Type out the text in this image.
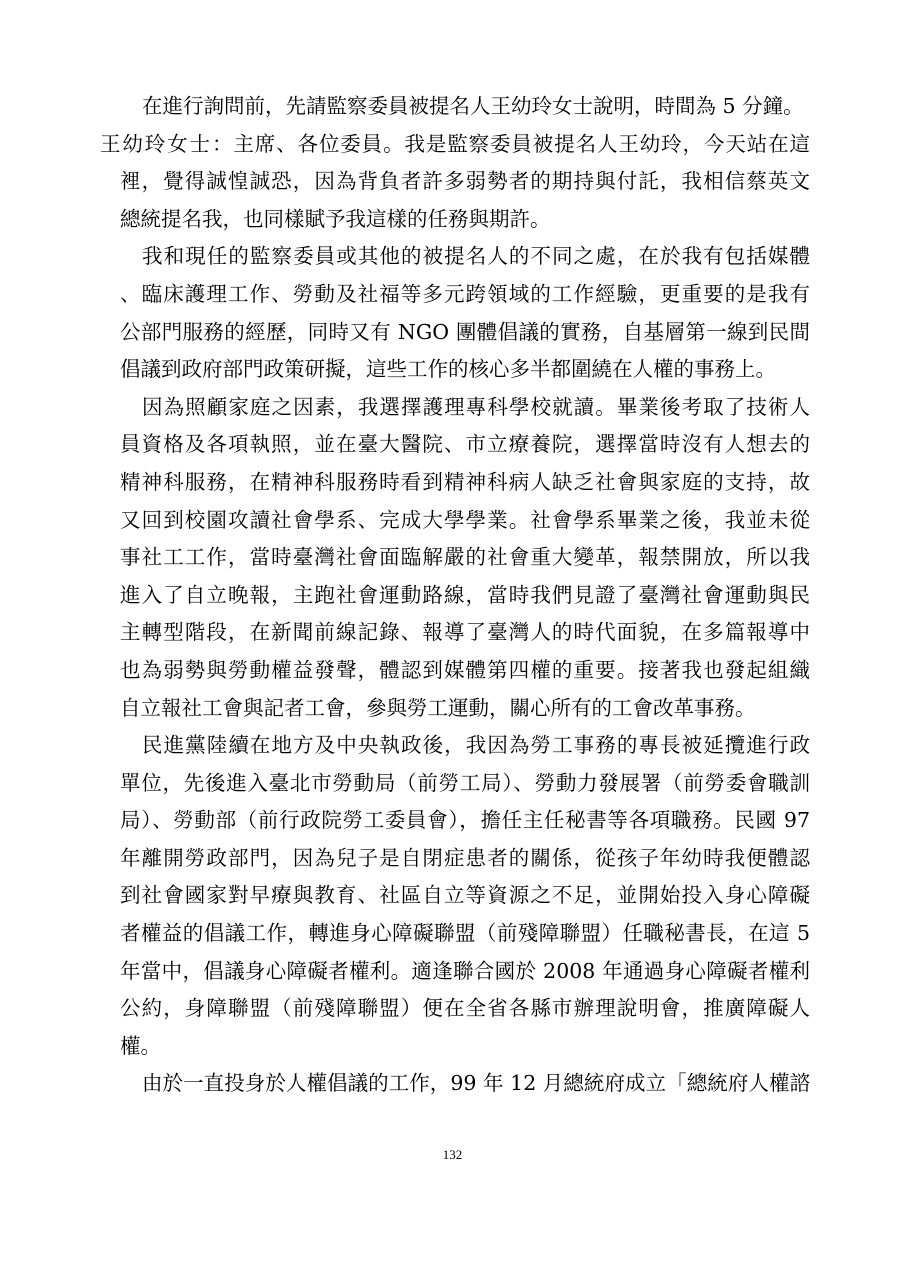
在進行詢問前，先請監察委員被提名人王幼玲女士說明，時間為 5 分鐘。
王幼玲女士：主席、各位委員。我是監察委員被提名人王幼玲，今天站在這
裡，覺得誠惶誠恐，因為背負者許多弱勢者的期持與付託，我相信蔡英文
總統提名我，也同樣賦予我這樣的任務與期許。
我和現任的監察委員或其他的被提名人的不同之處，在於我有包括媒體
、臨床護理工作、勞動及社福等多元跨領域的工作經驗，更重要的是我有
公部門服務的經歷，同時又有 NGO 團體倡議的實務，自基層第一線到民間
倡議到政府部門政策研擬，這些工作的核心多半都圍繞在人權的事務上。
因為照顧家庭之因素，我選擇護理專科學校就讀。畢業後考取了技術人
員資格及各項執照，並在臺大醫院、市立療養院，選擇當時沒有人想去的
精神科服務，在精神科服務時看到精神科病人缺乏社會與家庭的支持，故
又回到校園攻讀社會學系、完成大學學業。社會學系畢業之後，我並未從
事社工工作，當時臺灣社會面臨解嚴的社會重大變革，報禁開放，所以我
進入了自立晚報，主跑社會運動路線，當時我們見證了臺灣社會運動與民
主轉型階段，在新聞前線記錄、報導了臺灣人的時代面貌，在多篇報導中
也為弱勢與勞動權益發聲，體認到媒體第四權的重要。接著我也發起組織
自立報社工會與記者工會，參與勞工運動，關心所有的工會改革事務。
民進黨陸續在地方及中央執政後，我因為勞工事務的專長被延攬進行政
單位，先後進入臺北市勞動局（前勞工局）、勞動力發展署（前勞委會職訓
局）、勞動部（前行政院勞工委員會），擔任主任秘書等各項職務。民國 97
年離開勞政部門，因為兒子是自閉症患者的關係，從孩子年幼時我便體認
到社會國家對早療與教育、社區自立等資源之不足，並開始投入身心障礙
者權益的倡議工作，轉進身心障礙聯盟（前殘障聯盟）任職秘書長，在這 5
年當中，倡議身心障礙者權利。適逢聯合國於 2008 年通過身心障礙者權利
公約，身障聯盟（前殘障聯盟）便在全省各縣市辦理說明會，推廣障礙人
權。
由於一直投身於人權倡議的工作，99 年 12 月總統府成立「總統府人權諮
132
